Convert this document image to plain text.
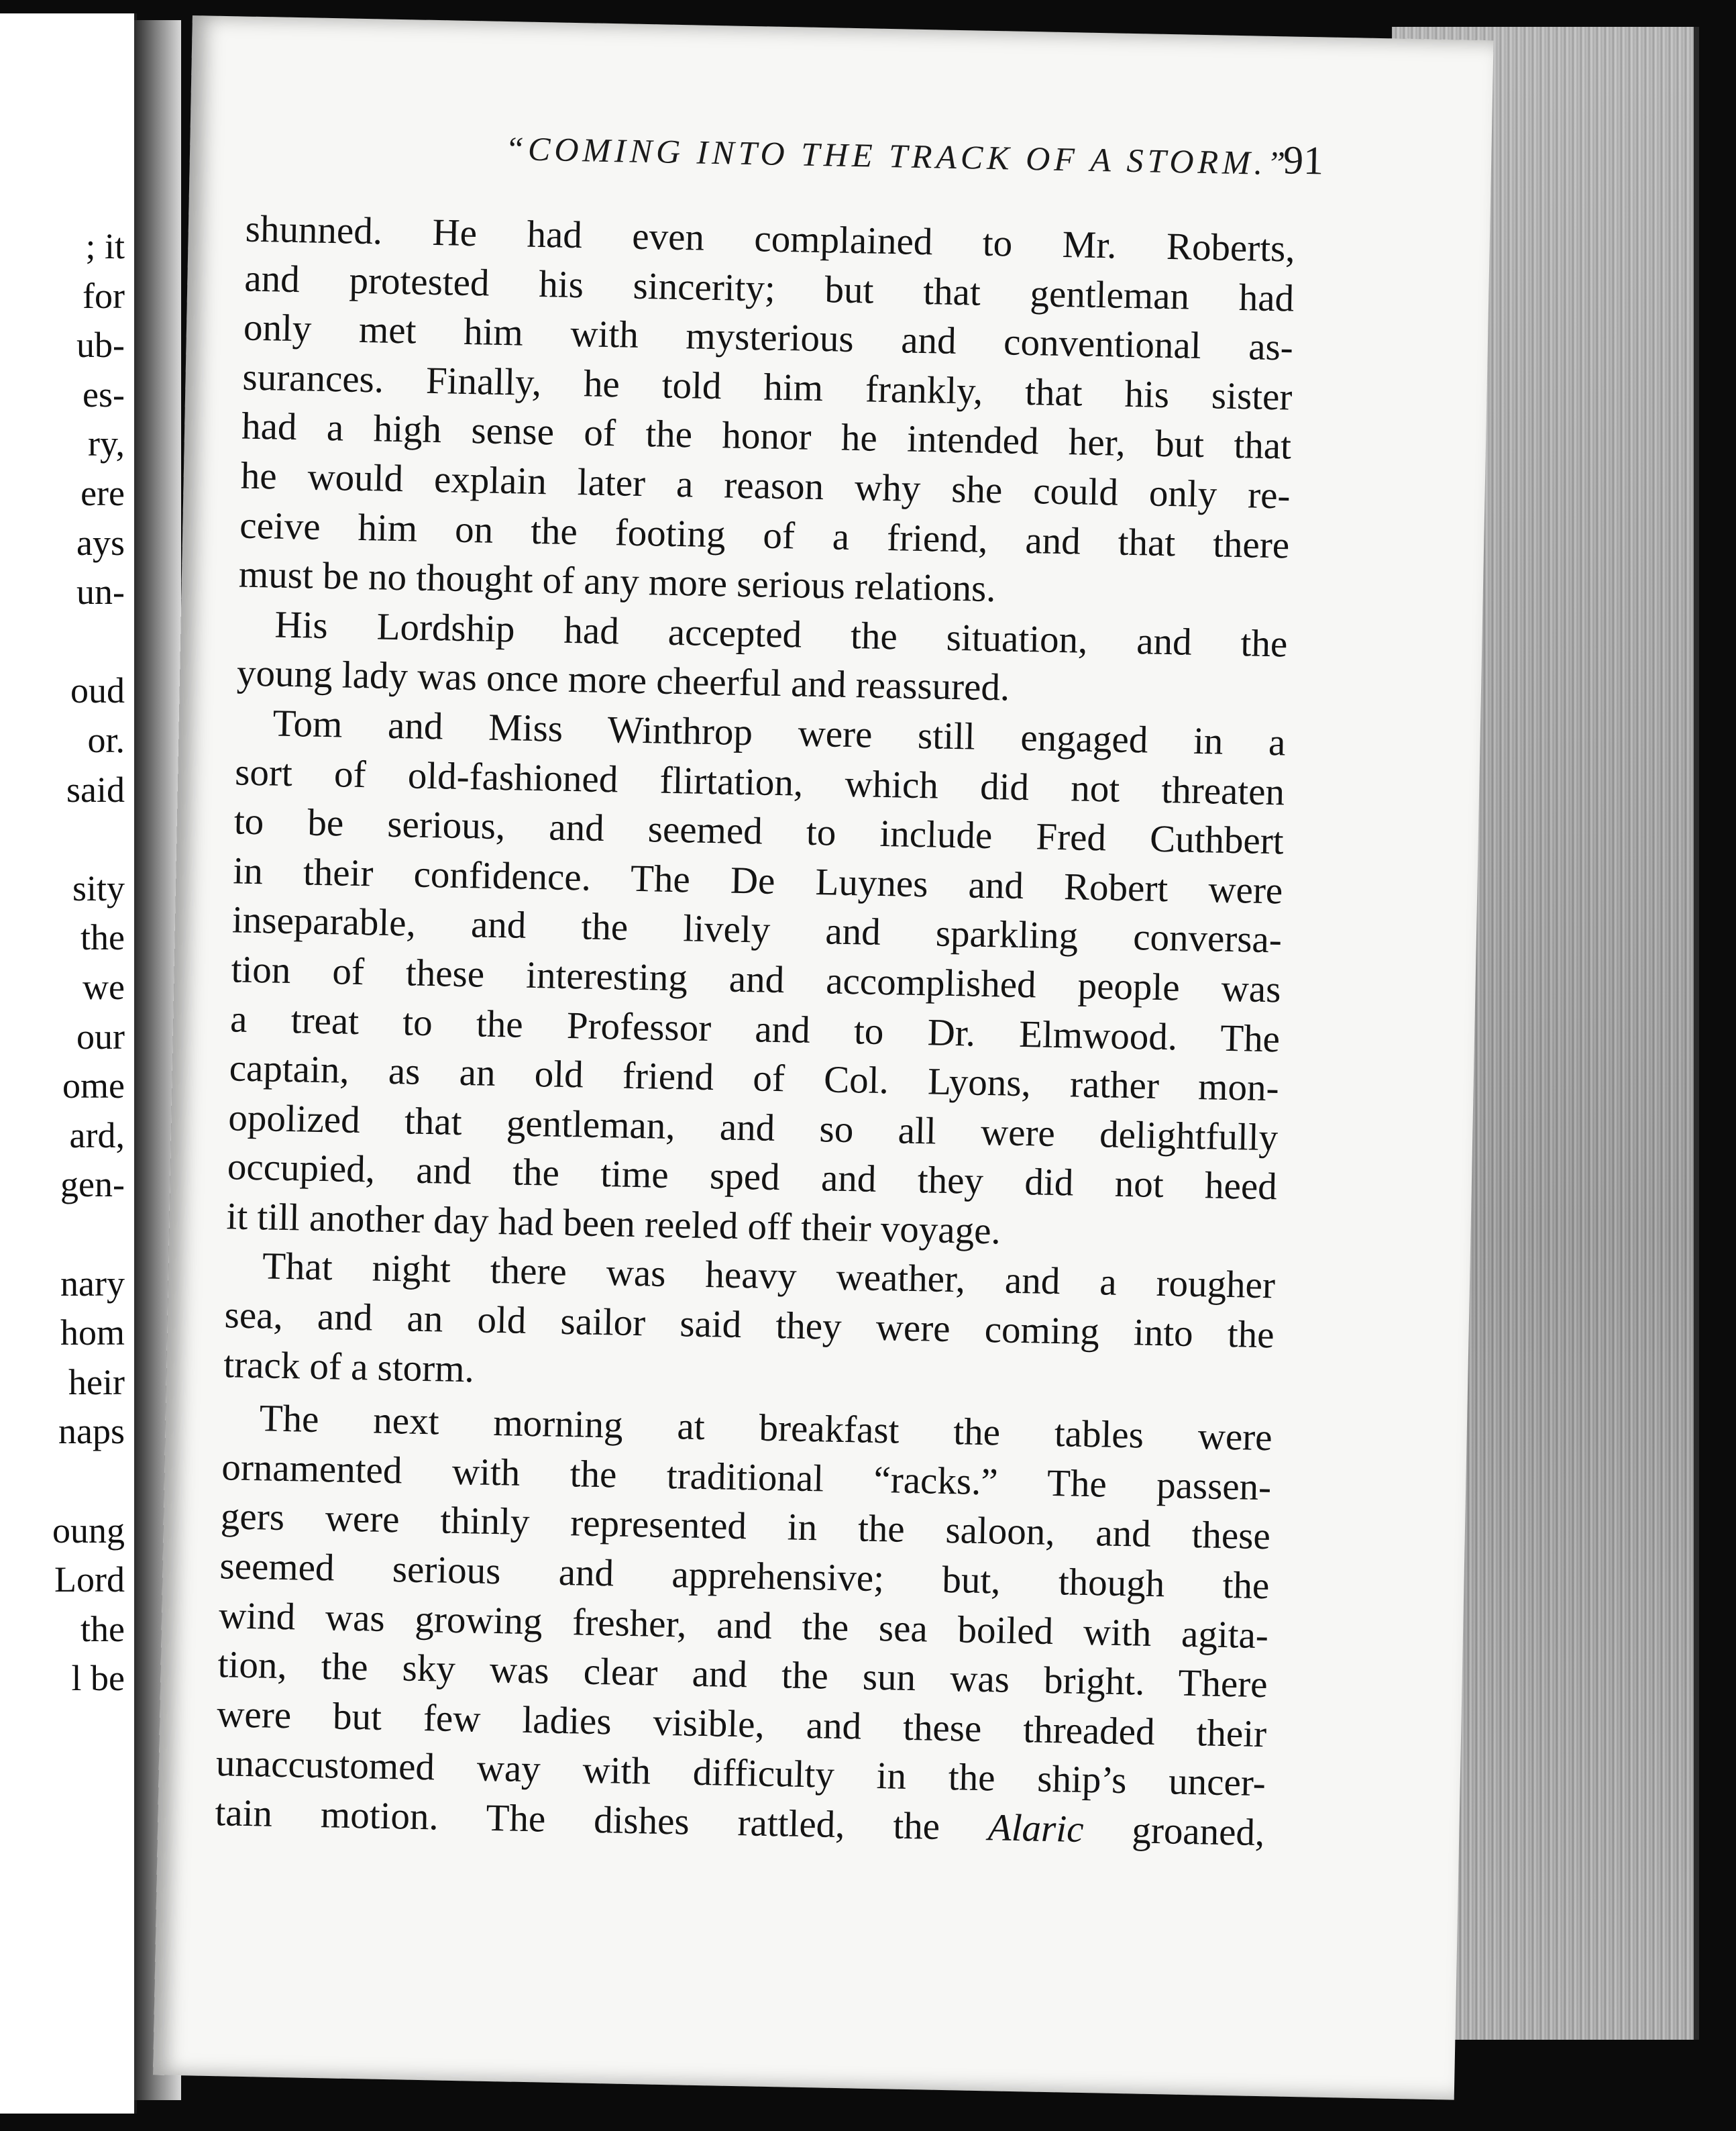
; it
for
ub-
es-
ry,
ere
ays
un-
oud
or.
said
sity
the
we
our
ome
ard,
gen-
nary
hom
heir
naps
oung
Lord
the
l be
“COMING INTO THE TRACK OF A STORM.”
91
shunned. He had even complained to Mr. Roberts,
and protested his sincerity; but that gentleman had
only met him with mysterious and conventional as-
surances. Finally, he told him frankly, that his sister
had a high sense of the honor he intended her, but that
he would explain later a reason why she could only re-
ceive him on the footing of a friend, and that there
must be no thought of any more serious relations.
His Lordship had accepted the situation, and the
young lady was once more cheerful and reassured.
Tom and Miss Winthrop were still engaged in a
sort of old-fashioned flirtation, which did not threaten
to be serious, and seemed to include Fred Cuthbert
in their confidence. The De Luynes and Robert were
inseparable, and the lively and sparkling conversa-
tion of these interesting and accomplished people was
a treat to the Professor and to Dr. Elmwood. The
captain, as an old friend of Col. Lyons, rather mon-
opolized that gentleman, and so all were delightfully
occupied, and the time sped and they did not heed
it till another day had been reeled off their voyage.
That night there was heavy weather, and a rougher
sea, and an old sailor said they were coming into the
track of a storm.
The next morning at breakfast the tables were
ornamented with the traditional “racks.” The passen-
gers were thinly represented in the saloon, and these
seemed serious and apprehensive; but, though the
wind was growing fresher, and the sea boiled with agita-
tion, the sky was clear and the sun was bright. There
were but few ladies visible, and these threaded their
unaccustomed way with difficulty in the ship’s uncer-
tain motion. The dishes rattled, the Alaric groaned,
